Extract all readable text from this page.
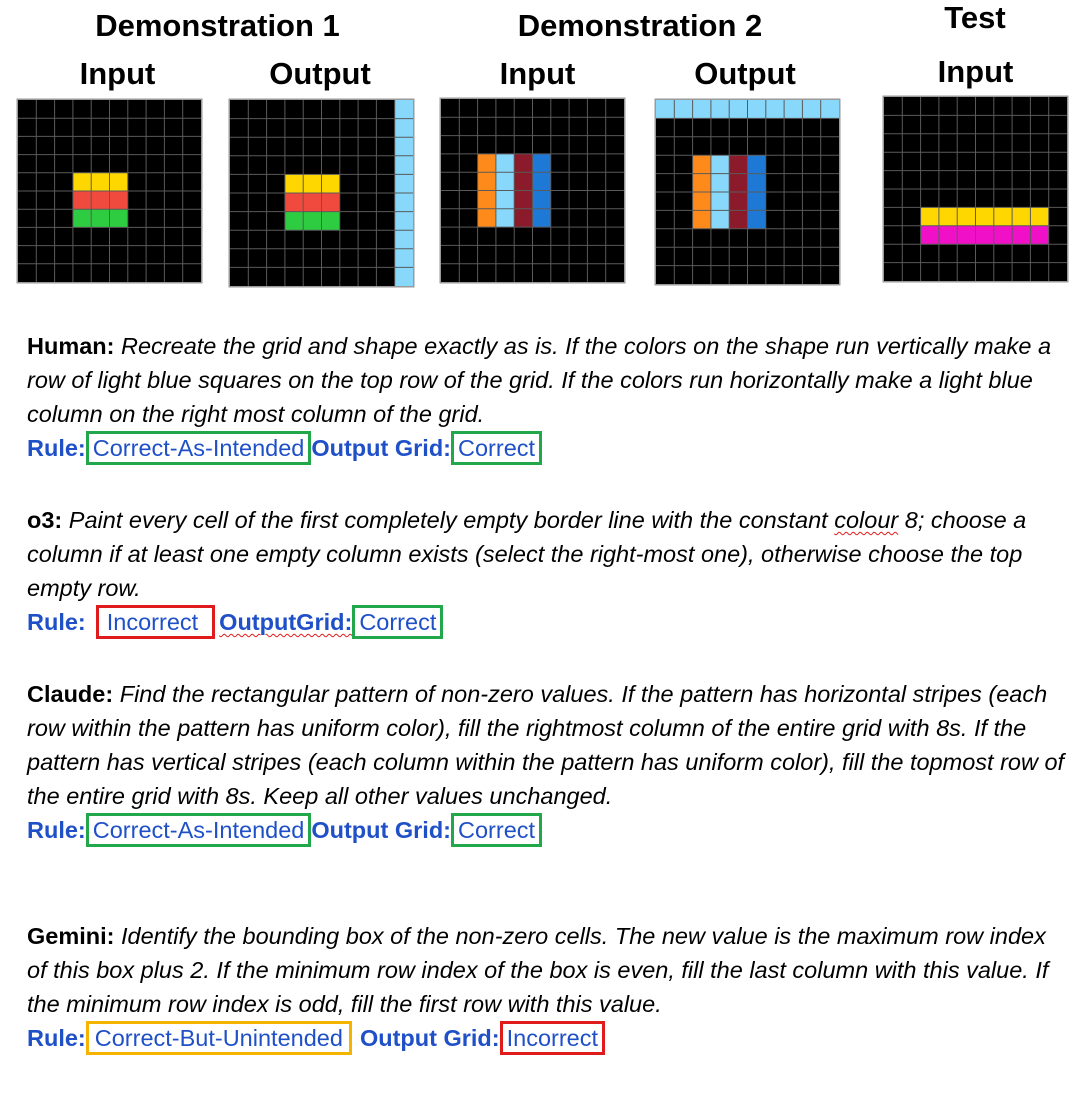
Demonstration 1	Demonstration 2	Test
Input	Output	Input	Output	Input

Human: Recreate the grid and shape exactly as is. If the colors on the shape run vertically make a row of light blue squares on the top row of the grid. If the colors run horizontally make a light blue column on the right most column of the grid.

Rule: Correct-As-Intended Output Grid: Correct

o3: Paint every cell of the first completely empty border line with the constant colour 8; choose a column if at least one empty column exists (select the right-most one), otherwise choose the top empty row.

Rule: Incorrect OutputGrid: Correct

Claude: Find the rectangular pattern of non-zero values. If the pattern has horizontal stripes (each row within the pattern has uniform color), fill the rightmost column of the entire grid with 8s. If the pattern has vertical stripes (each column within the pattern has uniform color), fill the topmost row of the entire grid with 8s. Keep all other values unchanged.

Rule: Correct-As-Intended Output Grid: Correct

Gemini: Identify the bounding box of the non-zero cells. The new value is the maximum row index of this box plus 2. If the minimum row index of the box is even, fill the last column with this value. If the minimum row index is odd, fill the first row with this value.

Rule: Correct-But-Unintended Output Grid: Incorrect
